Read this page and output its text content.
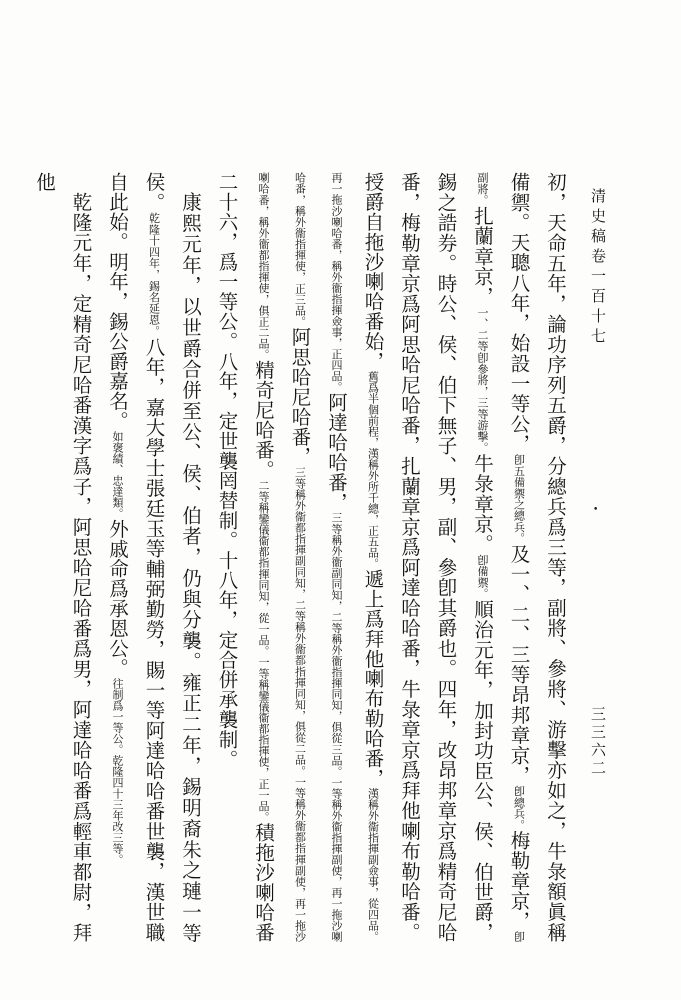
清史稿卷一百十七
三三六二
•

初，天命五年，論功序列五爵，分總兵爲三等，副將、參將、游擊亦如之，牛彔額眞稱備禦。天聰八年，始設一等公，卽五備禦之總兵。及一、二、三等昂邦章京，卽總兵。梅勒章京，卽副將。扎蘭章京，一、二等卽參將，三等游擊。牛彔章京。卽備禦。順治元年，加封功臣公、侯、伯世爵，錫之誥券。時公、侯、伯下無子、男，副、參卽其爵也。四年，改昂邦章京爲精奇尼哈番，梅勒章京爲阿思哈尼哈番，扎蘭章京爲阿達哈哈番，牛彔章京爲拜他喇布勒哈番。授爵自拖沙喇哈番始，舊爲半個前程，漢稱外所千總，正五品。遞上爲拜他喇布勒哈番，漢稱外衞指揮副僉事，從四品。再一拖沙喇哈番，稱外衞指揮僉事，正四品。阿達哈哈番，三等稱外衞副同知，二等稱外衞指揮同知，俱從三品。一等稱外衞指揮副使，再一拖沙喇哈番，稱外衞指揮使，正三品。阿思哈尼哈番，三等稱外衞都指揮副同知，二等稱外衞都指揮同知，俱從二品。一等稱外衞都指揮副使，再一拖沙喇哈番，稱外衞都指揮使，俱正二品。精奇尼哈番。二等稱鑾儀衞都指揮同知，從一品。一等稱鑾儀衞都指揮使，正一品。積拖沙喇哈番二十六，爲一等公。八年，定世襲罔替制。十八年，定合併承襲制。

康熙元年，以世爵合併至公、侯、伯者，仍與分襲。雍正二年，錫明裔朱之璉一等侯。乾隆十四年，錫名延恩。八年，嘉大學士張廷玉等輔弼勤勞，賜一等阿達哈哈番世襲，漢世職自此始。明年，錫公爵嘉名。如褒績、忠達類。外戚命爲承恩公。往制爲一等公。乾隆四十三年改三等。

乾隆元年，定精奇尼哈番漢字爲子，阿思哈尼哈番爲男，阿達哈哈番爲輕車都尉，拜他
